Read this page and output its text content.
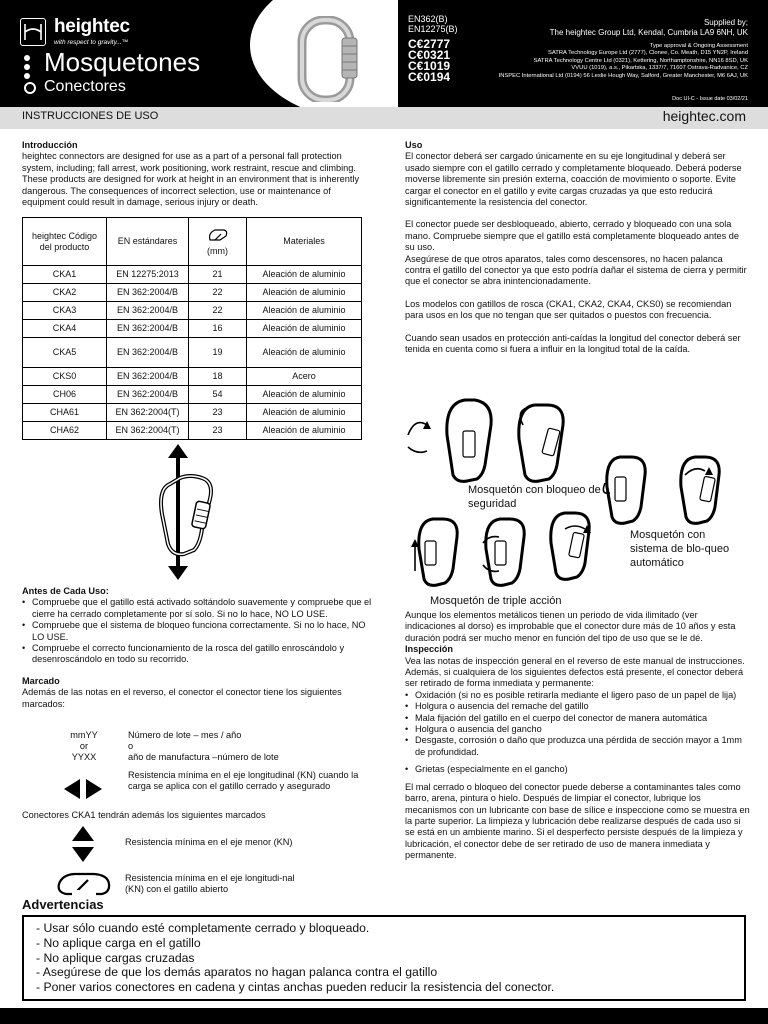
heightec
with respect to gravity...™
Mosquetones
Conectores
EN362(B)
EN12275(B)
C€2777
C€0321
C€1019
C€0194
Supplied by;
The heightec Group Ltd, Kendal, Cumbria LA9 6NH, UK
Type approval & Ongoing Assessment
SATRA Technology Europe Ltd (2777), Clonee, Co. Meath, D15 YN2P, Ireland
SATRA Technology Centre Ltd (0321), Kettering, Northamptonshire, NN16 8SD, UK
VVUU (1019), a.s., Pikartska, 1337/7, 71607 Ostrava-Radvanice, CZ
INSPEC International Ltd (0194) 56 Leslie Hough Way, Salford, Greater Manchester, M6 6AJ, UK
Doc UI-C - Issue date 03/02/21
INSTRUCCIONES DE USO	heightec.com
Introducción

heightec connectors are designed for use as a part of a personal fall protection system, including; fall arrest, work positioning, work restraint, rescue and climbing. These products are designed for work at height in an environment that is inherently dangerous. The consequences of incorrect selection, use or maintenance of equipment could result in damage, serious injury or death.

heightec Código del producto	EN estándares	(mm)	Materiales
CKA1	EN 12275:2013	21	Aleación de aluminio
CKA2	EN 362:2004/B	22	Aleación de aluminio
CKA3	EN 362:2004/B	22	Aleación de aluminio
CKA4	EN 362:2004/B	16	Aleación de aluminio
CKA5	EN 362:2004/B	19	Aleación de aluminio
CKS0	EN 362:2004/B	18	Acero
CH06	EN 362:2004/B	54	Aleación de aluminio
CHA61	EN 362:2004(T)	23	Aleación de aluminio
CHA62	EN 362:2004(T)	23	Aleación de aluminio
Antes de Cada Uso:
• Compruebe que el gatillo está activado soltándolo suavemente y compruebe que el cierre ha cerrado completamente por sí solo. Si no lo hace, NO LO USE.
• Compruebe que el sistema de bloqueo funciona correctamente. Si no lo hace, NO LO USE.
• Compruebe el correcto funcionamiento de la rosca del gatillo enroscándolo y desenroscándolo en todo su recorrido.
Marcado

Además de las notas en el reverso, el conector el conector tiene los siguientes marcados:

mmYY
or
YYXX
Número de lote – mes / año
o
año de manufactura –número de lote
Resistencia mínima en el eje longitudinal (KN) cuando la carga se aplica con el gatillo cerrado y asegurado
Conectores CKA1 tendrán además los siguientes marcados
Resistencia mínima en el eje menor (KN)
Resistencia mínima en el eje longitudi-nal (KN) con el gatillo abierto
Uso

El conector deberá ser cargado únicamente en su eje longitudinal y deberá ser usado siempre con el gatillo cerrado y completamente bloqueado. Deberá poderse moverse libremente sin presión externa, coacción de movimiento o soporte. Evite cargar el conector en el gatillo y evite cargas cruzadas ya que esto reducirá significantemente la resistencia del conector.

El conector puede ser desbloqueado, abierto, cerrado y bloqueado con una sola mano. Compruebe siempre que el gatillo está completamente bloqueado antes de su uso.

Asegúrese de que otros aparatos, tales como descensores, no hacen palanca contra el gatillo del conector ya que esto podría dañar el sistema de cierra y permitir que el conector se abra inintencionadamente.

Los modelos con gatillos de rosca (CKA1, CKA2, CKA4, CKS0) se recomiendan para usos en los que no tengan que ser quitados o puestos con frecuencia.

Cuando sean usados en protección anti-caídas la longitud del conector deberá ser tenida en cuenta como si fuera a influir en la longitud total de la caída.

Mosquetón con bloqueo de seguridad
Mosquetón con sistema de blo-queo automático
Mosquetón de triple acción

Aunque los elementos metálicos tienen un periodo de vida ilimitado (ver indicaciones al dorso) es improbable que el conector dure más de 10 años y esta duración podrá ser mucho menor en función del tipo de uso que se le dé.

Inspección

Vea las notas de inspección general en el reverso de este manual de instrucciones. Además, si cualquiera de los siguientes defectos está presente, el conector deberá ser retirado de forma inmediata y permanente:

• Oxidación (si no es posible retirarla mediante el ligero paso de un papel de lija)
• Holgura o ausencia del remache del gatillo
• Mala fijación del gatillo en el cuerpo del conector de manera automática
• Holgura o ausencia del gancho
• Desgaste, corrosión o daño que produzca una pérdida de sección mayor a 1mm de profundidad.
• Grietas (especialmente en el gancho)

El mal cerrado o bloqueo del conector puede deberse a contaminantes tales como barro, arena, pintura o hielo. Después de limpiar el conector, lubrique los mecanismos con un lubricante con base de sílice e inspeccione como se muestra en la parte superior. La limpieza y lubricación debe realizarse después de cada uso si se está en un ambiente marino. Si el desperfecto persiste después de la limpieza y lubricación, el conector debe de ser retirado de uso de manera inmediata y permanente.

Advertencias
- Usar sólo cuando esté completamente cerrado y bloqueado.
- No aplique carga en el gatillo
- No aplique cargas cruzadas
- Asegúrese de que los demás aparatos no hagan palanca contra el gatillo
- Poner varios conectores en cadena y cintas anchas pueden reducir la resistencia del conector.
